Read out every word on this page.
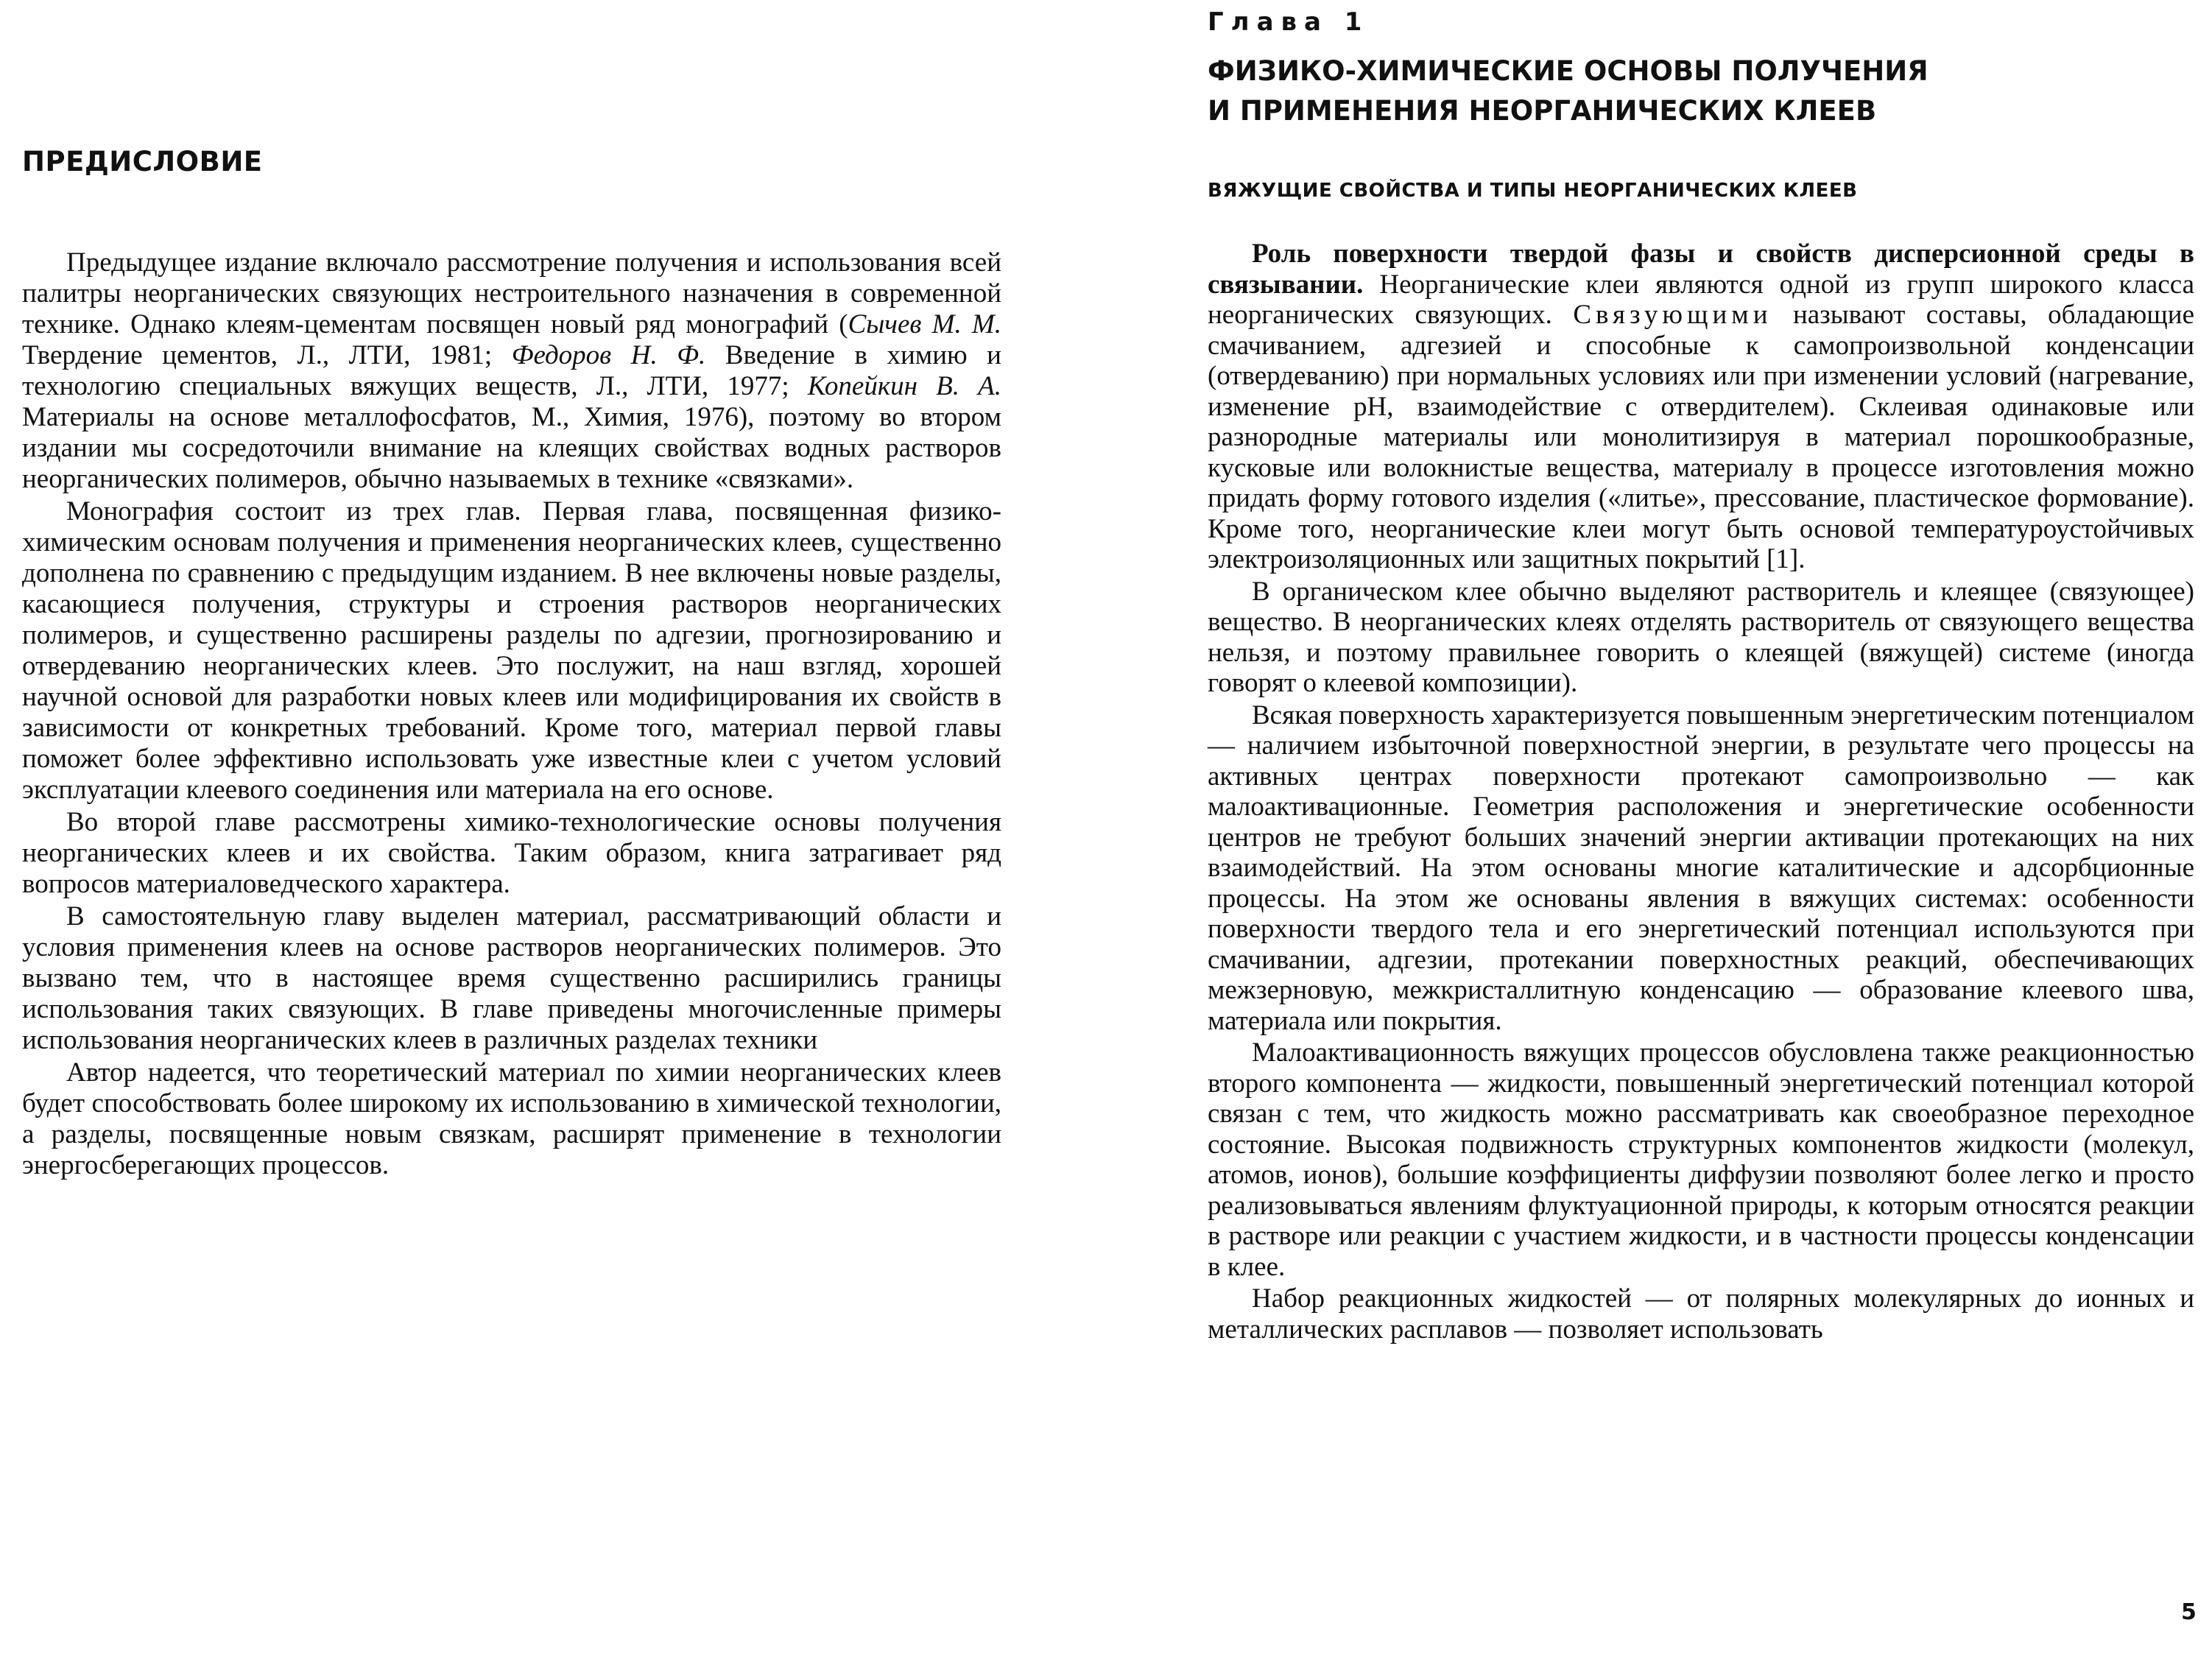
ПРЕДИСЛОВИЕ

Предыдущее издание включало рассмотрение получения и использования всей палитры неорганических связующих нестроительного назначения в современной технике. Однако клеям-цементам посвящен новый ряд монографий (Сычев М. М. Твердение цементов, Л., ЛТИ, 1981; Федоров Н. Ф. Введение в химию и технологию специальных вяжущих веществ, Л., ЛТИ, 1977; Копейкин В. А. Материалы на основе металлофосфатов, М., Химия, 1976), поэтому во втором издании мы сосредоточили внимание на клеящих свойствах водных растворов неорганических полимеров, обычно называемых в технике «связками».

Монография состоит из трех глав. Первая глава, посвященная физико-химическим основам получения и применения неорганических клеев, существенно дополнена по сравнению с предыдущим изданием. В нее включены новые разделы, касающиеся получения, структуры и строения растворов неорганических полимеров, и существенно расширены разделы по адгезии, прогнозированию и отвердеванию неорганических клеев. Это послужит, на наш взгляд, хорошей научной основой для разработки новых клеев или модифицирования их свойств в зависимости от конкретных требований. Кроме того, материал первой главы поможет более эффективно использовать уже известные клеи с учетом условий эксплуатации клеевого соединения или материала на его основе.

Во второй главе рассмотрены химико-технологические основы получения неорганических клеев и их свойства. Таким образом, книга затрагивает ряд вопросов материаловедческого характера.

В самостоятельную главу выделен материал, рассматривающий области и условия применения клеев на основе растворов неорганических полимеров. Это вызвано тем, что в настоящее время существенно расширились границы использования таких связующих. В главе приведены многочисленные примеры использования неорганических клеев в различных разделах техники

Автор надеется, что теоретический материал по химии неорганических клеев будет способствовать более широкому их использованию в химической технологии, а разделы, посвященные новым связкам, расширят применение в технологии энергосберегающих процессов.

Глава 1
ФИЗИКО-ХИМИЧЕСКИЕ ОСНОВЫ ПОЛУЧЕНИЯ
И ПРИМЕНЕНИЯ НЕОРГАНИЧЕСКИХ КЛЕЕВ
ВЯЖУЩИЕ СВОЙСТВА И ТИПЫ НЕОРГАНИЧЕСКИХ КЛЕЕВ

Роль поверхности твердой фазы и свойств дисперсионной среды в связывании. Неорганические клеи являются одной из групп широкого класса неорганических связующих. Связующими называют составы, обладающие смачиванием, адгезией и способные к самопроизвольной конденсации (отвердеванию) при нормальных условиях или при изменении условий (нагревание, изменение pH, взаимодействие с отвердителем). Склеивая одинаковые или разнородные материалы или монолитизируя в материал порошкообразные, кусковые или волокнистые вещества, материалу в процессе изготовления можно придать форму готового изделия («литье», прессование, пластическое формование). Кроме того, неорганические клеи могут быть основой температуроустойчивых электроизоляционных или защитных покрытий [1].

В органическом клее обычно выделяют растворитель и клеящее (связующее) вещество. В неорганических клеях отделять растворитель от связующего вещества нельзя, и поэтому правильнее говорить о клеящей (вяжущей) системе (иногда говорят о клеевой композиции).

Всякая поверхность характеризуется повышенным энергетическим потенциалом — наличием избыточной поверхностной энергии, в результате чего процессы на активных центрах поверхности протекают самопроизвольно — как малоактивационные. Геометрия расположения и энергетические особенности центров не требуют больших значений энергии активации протекающих на них взаимодействий. На этом основаны многие каталитические и адсорбционные процессы. На этом же основаны явления в вяжущих системах: особенности поверхности твердого тела и его энергетический потенциал используются при смачивании, адгезии, протекании поверхностных реакций, обеспечивающих межзерновую, межкристаллитную конденсацию — образование клеевого шва, материала или покрытия.

Малоактивационность вяжущих процессов обусловлена также реакционностью второго компонента — жидкости, повышенный энергетический потенциал которой связан с тем, что жидкость можно рассматривать как своеобразное переходное состояние. Высокая подвижность структурных компонентов жидкости (молекул, атомов, ионов), большие коэффициенты диффузии позволяют более легко и просто реализовываться явлениям флуктуационной природы, к которым относятся реакции в растворе или реакции с участием жидкости, и в частности процессы конденсации в клее.

Набор реакционных жидкостей — от полярных молекулярных до ионных и металлических расплавов — позволяет использовать

5
